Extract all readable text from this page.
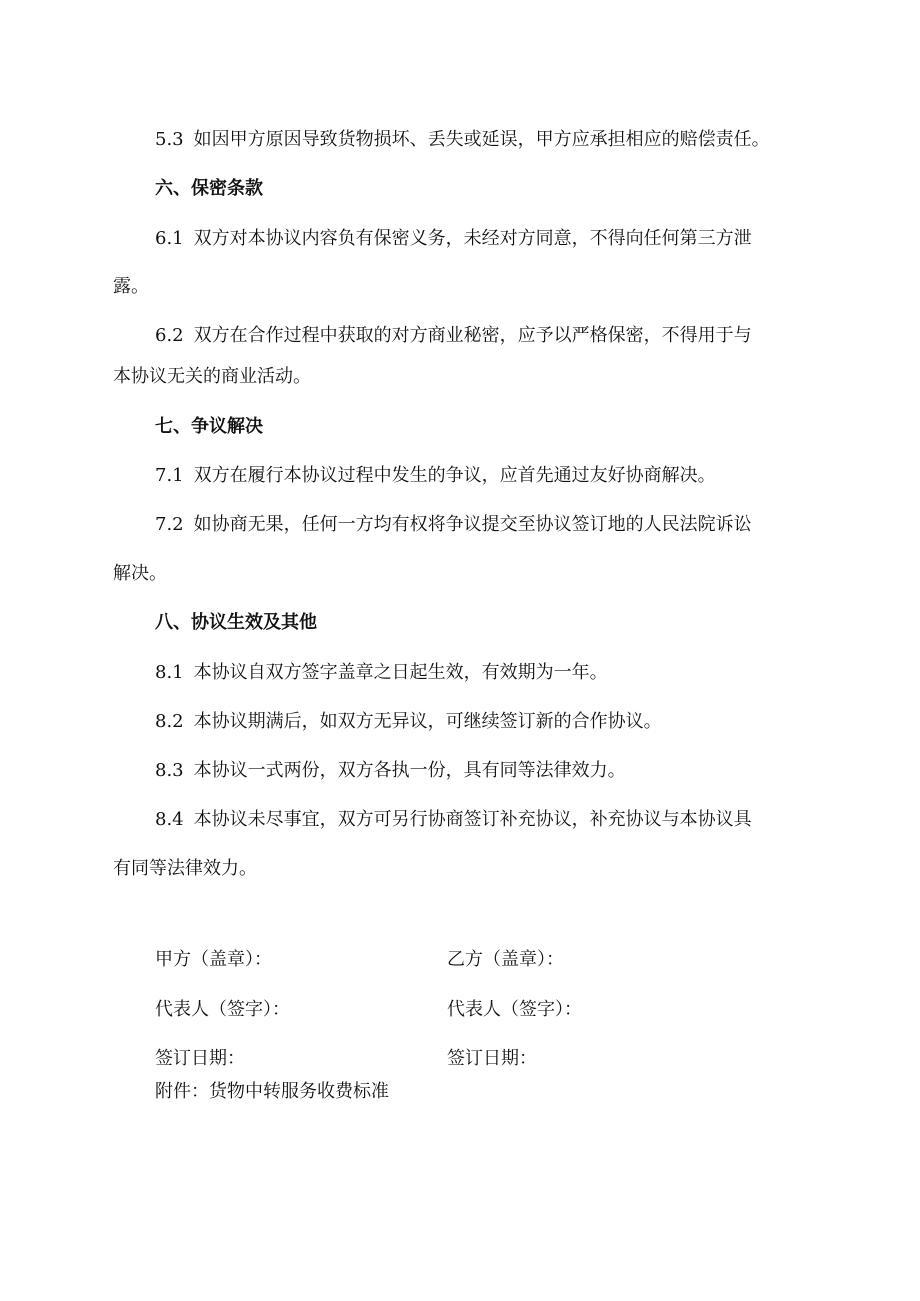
5.3 如因甲方原因导致货物损坏、丢失或延误，甲方应承担相应的赔偿责任。
六、保密条款
6.1 双方对本协议内容负有保密义务，未经对方同意，不得向任何第三方泄
露。
6.2 双方在合作过程中获取的对方商业秘密，应予以严格保密，不得用于与
本协议无关的商业活动。
七、争议解决
7.1 双方在履行本协议过程中发生的争议，应首先通过友好协商解决。
7.2 如协商无果，任何一方均有权将争议提交至协议签订地的人民法院诉讼
解决。
八、协议生效及其他
8.1 本协议自双方签字盖章之日起生效，有效期为一年。
8.2 本协议期满后，如双方无异议，可继续签订新的合作协议。
8.3 本协议一式两份，双方各执一份，具有同等法律效力。
8.4 本协议未尽事宜，双方可另行协商签订补充协议，补充协议与本协议具
有同等法律效力。
甲方（盖章）：	乙方（盖章）：
代表人（签字）：	代表人（签字）：
签订日期：	签订日期：
附件：货物中转服务收费标准
